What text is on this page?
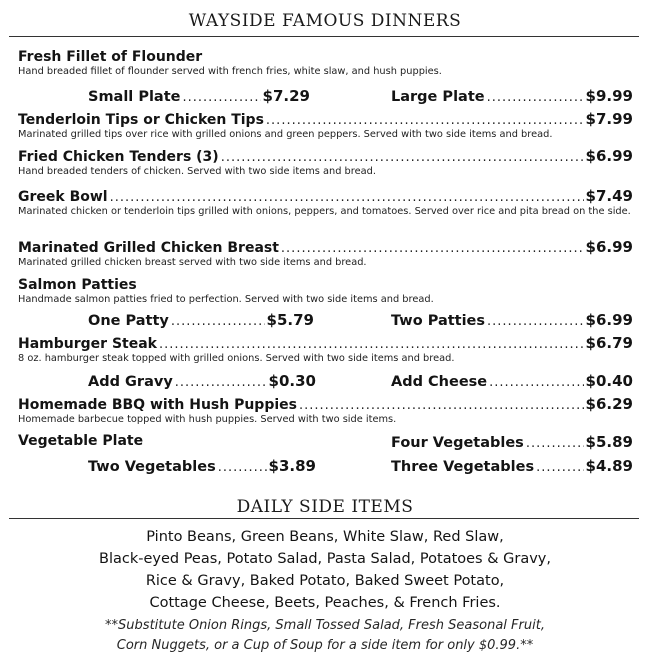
WAYSIDE FAMOUS DINNERS
Fresh Fillet of Flounder
Hand breaded fillet of flounder served with french fries, white slaw, and hush puppies.
Small Plate .....	$7.29	Large Plate .....	$9.99
Tenderloin Tips or Chicken Tips .....	$7.99
Marinated grilled tips over rice with grilled onions and green peppers. Served with two side items and bread.
Fried Chicken Tenders (3) .....	$6.99
Hand breaded tenders of chicken. Served with two side items and bread.
Greek Bowl .....	$7.49
Marinated chicken or tenderloin tips grilled with onions, peppers, and tomatoes. Served over rice and pita bread on the side.
Marinated Grilled Chicken Breast .....	$6.99
Marinated grilled chicken breast served with two side items and bread.
Salmon Patties
Handmade salmon patties fried to perfection. Served with two side items and bread.
One Patty .....	$5.79	Two Patties .....	$6.99
Hamburger Steak .....	$6.79
8 oz. hamburger steak topped with grilled onions. Served with two side items and bread.
Add Gravy .....	$0.30	Add Cheese .....	$0.40
Homemade BBQ with Hush Puppies .....	$6.29
Homemade barbecue topped with hush puppies. Served with two side items.
Vegetable Plate	Four Vegetables .....	$5.89
Two Vegetables .....	$3.89	Three Vegetables .....	$4.89
DAILY SIDE ITEMS
Pinto Beans, Green Beans, White Slaw, Red Slaw,
Black-eyed Peas, Potato Salad, Pasta Salad, Potatoes & Gravy,
Rice & Gravy, Baked Potato, Baked Sweet Potato,
Cottage Cheese, Beets, Peaches, & French Fries.
**Substitute Onion Rings, Small Tossed Salad, Fresh Seasonal Fruit,
Corn Nuggets, or a Cup of Soup for a side item for only $0.99.**
